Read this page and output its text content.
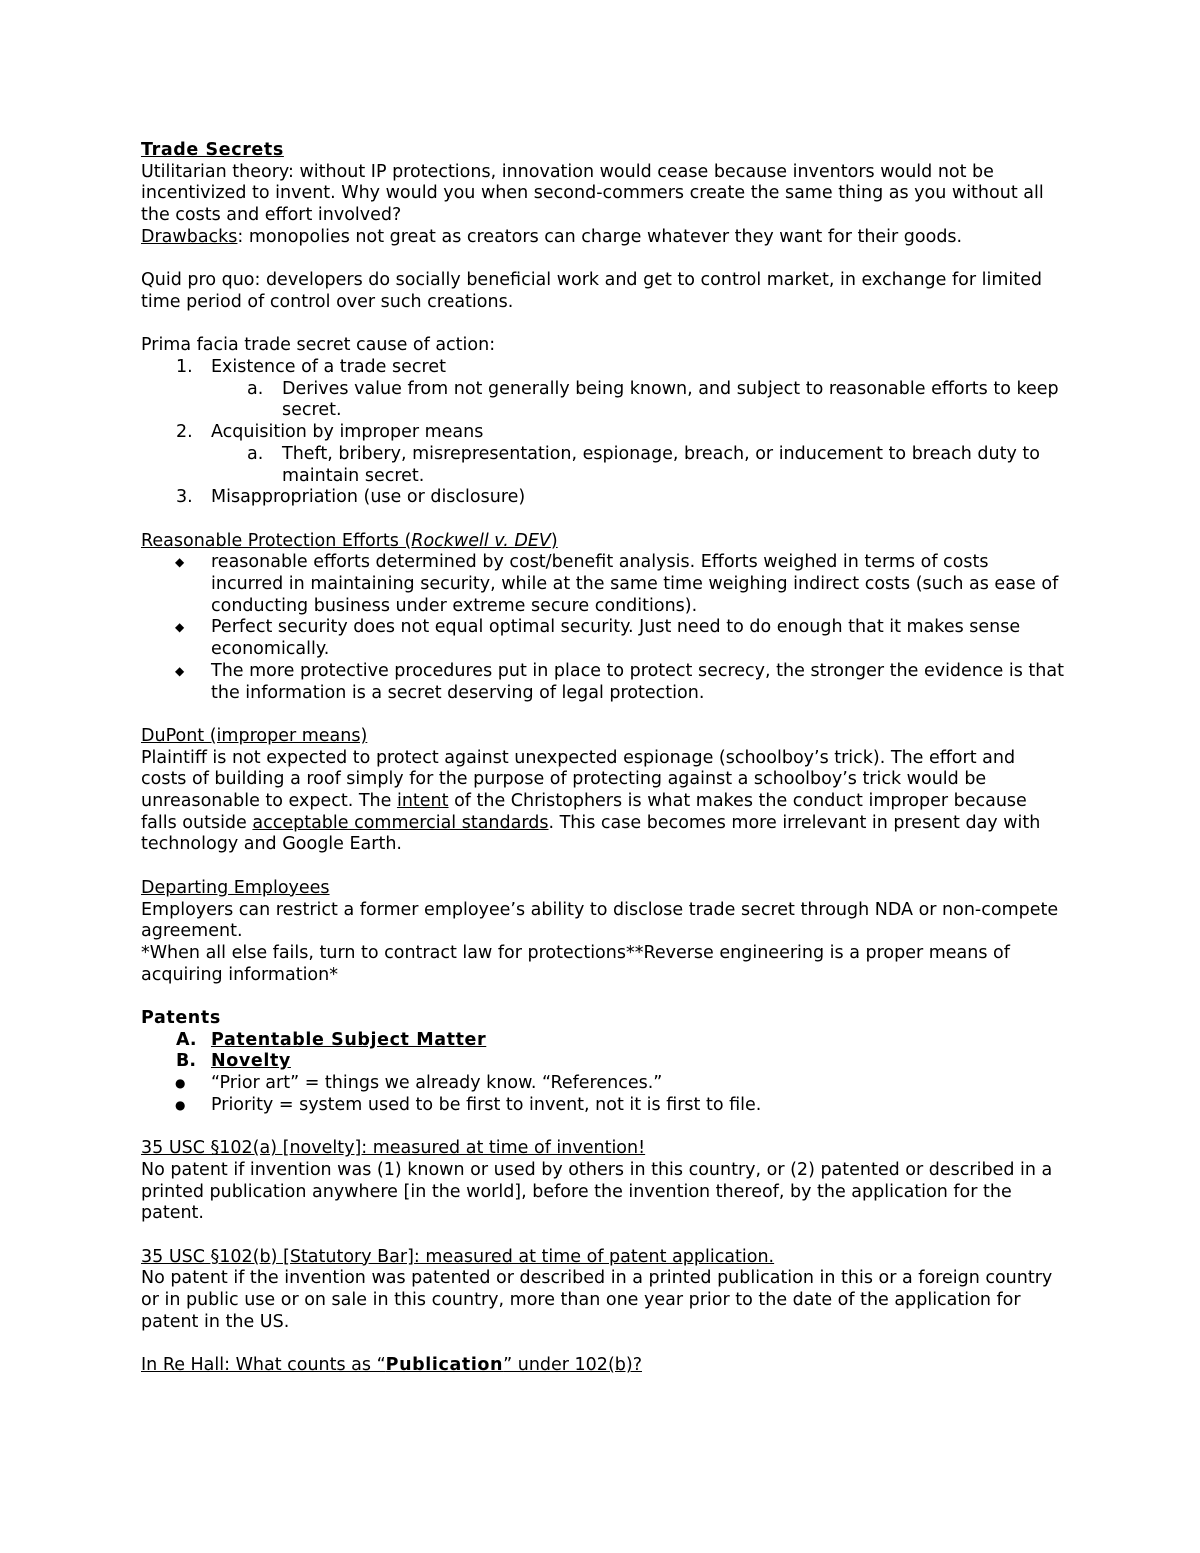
Trade Secrets

Utilitarian theory: without IP protections, innovation would cease because inventors would not be incentivized to invent. Why would you when second-commers create the same thing as you without all the costs and effort involved?

Drawbacks: monopolies not great as creators can charge whatever they want for their goods.

Quid pro quo: developers do socially beneficial work and get to control market, in exchange for limited time period of control over such creations.

Prima facia trade secret cause of action:

1. Existence of a trade secret
a. Derives value from not generally being known, and subject to reasonable efforts to keep secret.
2. Acquisition by improper means
a. Theft, bribery, misrepresentation, espionage, breach, or inducement to breach duty to maintain secret.
3. Misappropriation (use or disclosure)

Reasonable Protection Efforts (Rockwell v. DEV)

◆ reasonable efforts determined by cost/benefit analysis. Efforts weighed in terms of costs incurred in maintaining security, while at the same time weighing indirect costs (such as ease of conducting business under extreme secure conditions).
◆ Perfect security does not equal optimal security. Just need to do enough that it makes sense economically.
◆ The more protective procedures put in place to protect secrecy, the stronger the evidence is that the information is a secret deserving of legal protection.

DuPont (improper means)

Plaintiff is not expected to protect against unexpected espionage (schoolboy’s trick). The effort and costs of building a roof simply for the purpose of protecting against a schoolboy’s trick would be unreasonable to expect. The intent of the Christophers is what makes the conduct improper because falls outside acceptable commercial standards. This case becomes more irrelevant in present day with technology and Google Earth.

Departing Employees

Employers can restrict a former employee’s ability to disclose trade secret through NDA or non-compete agreement.

*When all else fails, turn to contract law for protections**Reverse engineering is a proper means of acquiring information*

Patents

A. Patentable Subject Matter
B. Novelty
● “Prior art” = things we already know. “References.”
● Priority = system used to be first to invent, not it is first to file.

35 USC §102(a) [novelty]: measured at time of invention!

No patent if invention was (1) known or used by others in this country, or (2) patented or described in a printed publication anywhere [in the world], before the invention thereof, by the application for the patent.

35 USC §102(b) [Statutory Bar]: measured at time of patent application.

No patent if the invention was patented or described in a printed publication in this or a foreign country or in public use or on sale in this country, more than one year prior to the date of the application for patent in the US.

In Re Hall: What counts as “Publication” under 102(b)?
